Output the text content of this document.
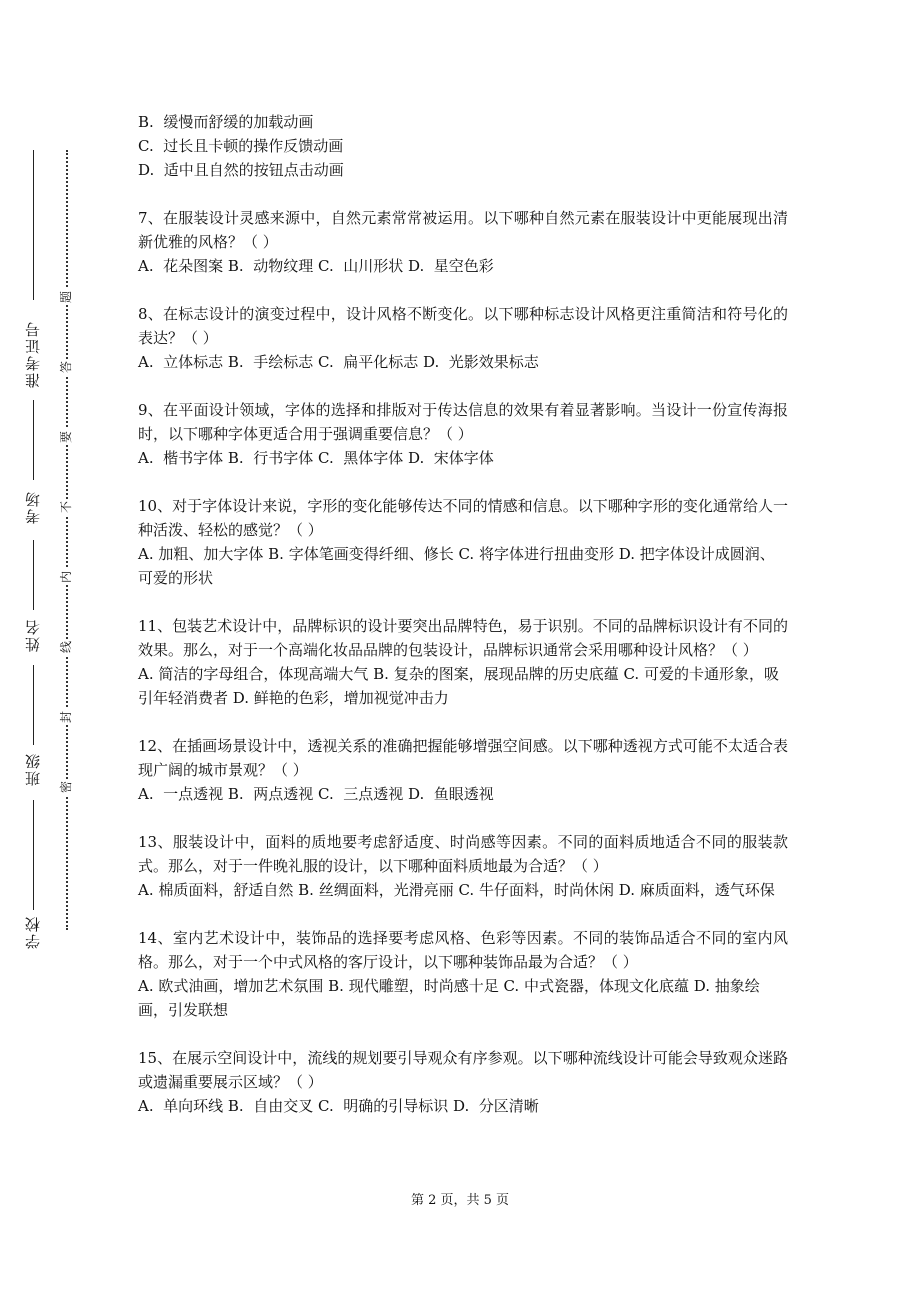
准考证号
考场
姓名
班级
学校
题
答
要
不
内
线
封
密
B.  缓慢而舒缓的加载动画
C.  过长且卡顿的操作反馈动画
D.  适中且自然的按钮点击动画
7、在服装设计灵感来源中，自然元素常常被运用。以下哪种自然元素在服装设计中更能展现出清新优雅的风格？（ ）
A.  花朵图案 B.  动物纹理 C.  山川形状 D.  星空色彩
8、在标志设计的演变过程中，设计风格不断变化。以下哪种标志设计风格更注重简洁和符号化的表达？（ ）
A.  立体标志 B.  手绘标志 C.  扁平化标志 D.  光影效果标志
9、在平面设计领域，字体的选择和排版对于传达信息的效果有着显著影响。当设计一份宣传海报时，以下哪种字体更适合用于强调重要信息？（ ）
A.  楷书字体 B.  行书字体 C.  黑体字体 D.  宋体字体
10、对于字体设计来说，字形的变化能够传达不同的情感和信息。以下哪种字形的变化通常给人一种活泼、轻松的感觉？（ ）
A. 加粗、加大字体 B. 字体笔画变得纤细、修长 C. 将字体进行扭曲变形 D. 把字体设计成圆润、可爱的形状
11、包装艺术设计中，品牌标识的设计要突出品牌特色，易于识别。不同的品牌标识设计有不同的效果。那么，对于一个高端化妆品品牌的包装设计，品牌标识通常会采用哪种设计风格？（ ）
A. 简洁的字母组合，体现高端大气 B. 复杂的图案，展现品牌的历史底蕴 C. 可爱的卡通形象，吸引年轻消费者 D. 鲜艳的色彩，增加视觉冲击力
12、在插画场景设计中，透视关系的准确把握能够增强空间感。以下哪种透视方式可能不太适合表现广阔的城市景观？（ ）
A.  一点透视 B.  两点透视 C.  三点透视 D.  鱼眼透视
13、服装设计中，面料的质地要考虑舒适度、时尚感等因素。不同的面料质地适合不同的服装款式。那么，对于一件晚礼服的设计，以下哪种面料质地最为合适？（ ）
A. 棉质面料，舒适自然 B. 丝绸面料，光滑亮丽 C. 牛仔面料，时尚休闲 D. 麻质面料，透气环保
14、室内艺术设计中，装饰品的选择要考虑风格、色彩等因素。不同的装饰品适合不同的室内风格。那么，对于一个中式风格的客厅设计，以下哪种装饰品最为合适？（ ）
A. 欧式油画，增加艺术氛围 B. 现代雕塑，时尚感十足 C. 中式瓷器，体现文化底蕴 D. 抽象绘画，引发联想
15、在展示空间设计中，流线的规划要引导观众有序参观。以下哪种流线设计可能会导致观众迷路或遗漏重要展示区域？（ ）
A.  单向环线 B.  自由交叉 C.  明确的引导标识 D.  分区清晰
第 2 页，共 5 页
